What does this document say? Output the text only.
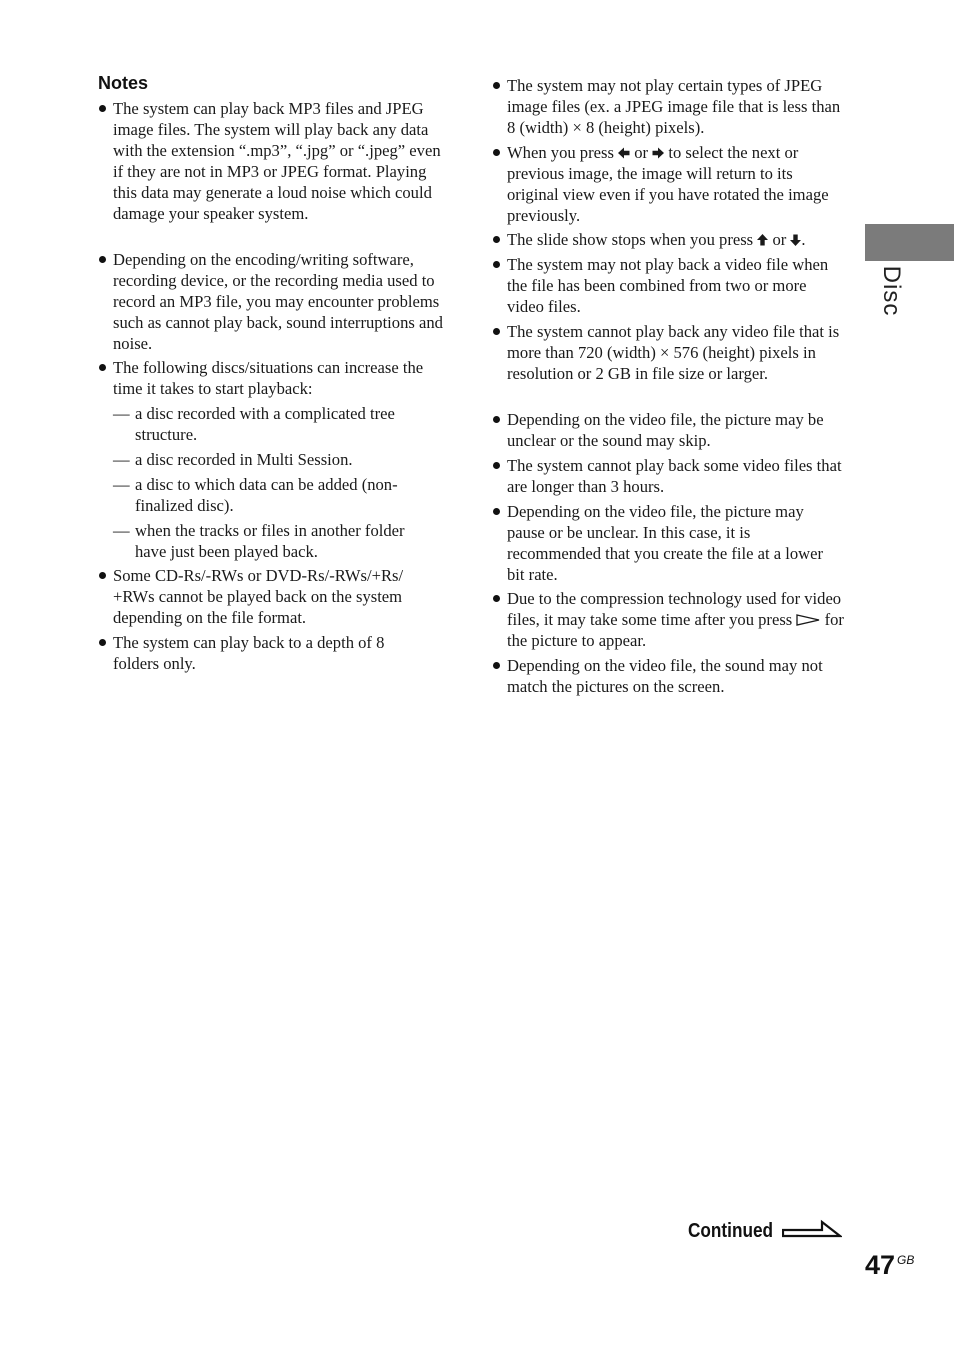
Notes
The system can play back MP3 files and JPEG image files. The system will play back any data with the extension “.mp3”, “.jpg” or “.jpeg” even if they are not in MP3 or JPEG format. Playing this data may generate a loud noise which could damage your speaker system.
Depending on the encoding/writing software, recording device, or the recording media used to record an MP3 file, you may encounter problems such as cannot play back, sound interruptions and noise.
The following discs/situations can increase the time it takes to start playback:
— a disc recorded with a complicated tree structure.
— a disc recorded in Multi Session.
— a disc to which data can be added (non-finalized disc).
— when the tracks or files in another folder have just been played back.
Some CD-Rs/-RWs or DVD-Rs/-RWs/+Rs/ +RWs cannot be played back on the system depending on the file format.
The system can play back to a depth of 8 folders only.
The system may not play certain types of JPEG image files (ex. a JPEG image file that is less than 8 (width) × 8 (height) pixels).
When you press or to select the next or previous image, the image will return to its original view even if you have rotated the image previously.
The slide show stops when you press or .
The system may not play back a video file when the file has been combined from two or more video files.
The system cannot play back any video file that is more than 720 (width) × 576 (height) pixels in resolution or 2 GB in file size or larger.
Depending on the video file, the picture may be unclear or the sound may skip.
The system cannot play back some video files that are longer than 3 hours.
Depending on the video file, the picture may pause or be unclear. In this case, it is recommended that you create the file at a lower bit rate.
Due to the compression technology used for video files, it may take some time after you press for the picture to appear.
Depending on the video file, the sound may not match the pictures on the screen.
Disc
Continued
47 GB
